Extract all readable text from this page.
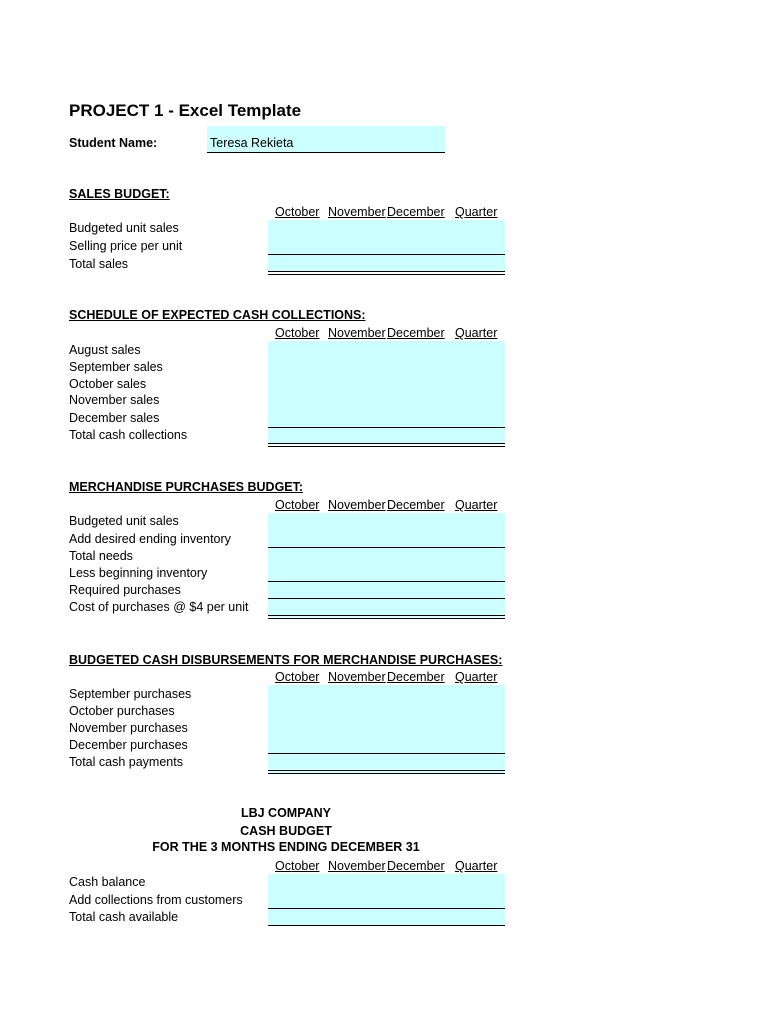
PROJECT 1 - Excel Template
Student Name:	Teresa Rekieta
SALES BUDGET:
October November December Quarter
Budgeted unit sales
Selling price per unit
Total sales
SCHEDULE OF EXPECTED CASH COLLECTIONS:
October November December Quarter
August sales
September sales
October sales
November sales
December sales
Total cash collections
MERCHANDISE PURCHASES BUDGET:
October November December Quarter
Budgeted unit sales
Add desired ending inventory
Total needs
Less beginning inventory
Required purchases
Cost of purchases @ $4 per unit
BUDGETED CASH DISBURSEMENTS FOR MERCHANDISE PURCHASES:
October November December Quarter
September purchases
October purchases
November purchases
December purchases
Total cash payments
LBJ COMPANY
CASH BUDGET
FOR THE 3 MONTHS ENDING DECEMBER 31
October November December Quarter
Cash balance
Add collections from customers
Total cash available
